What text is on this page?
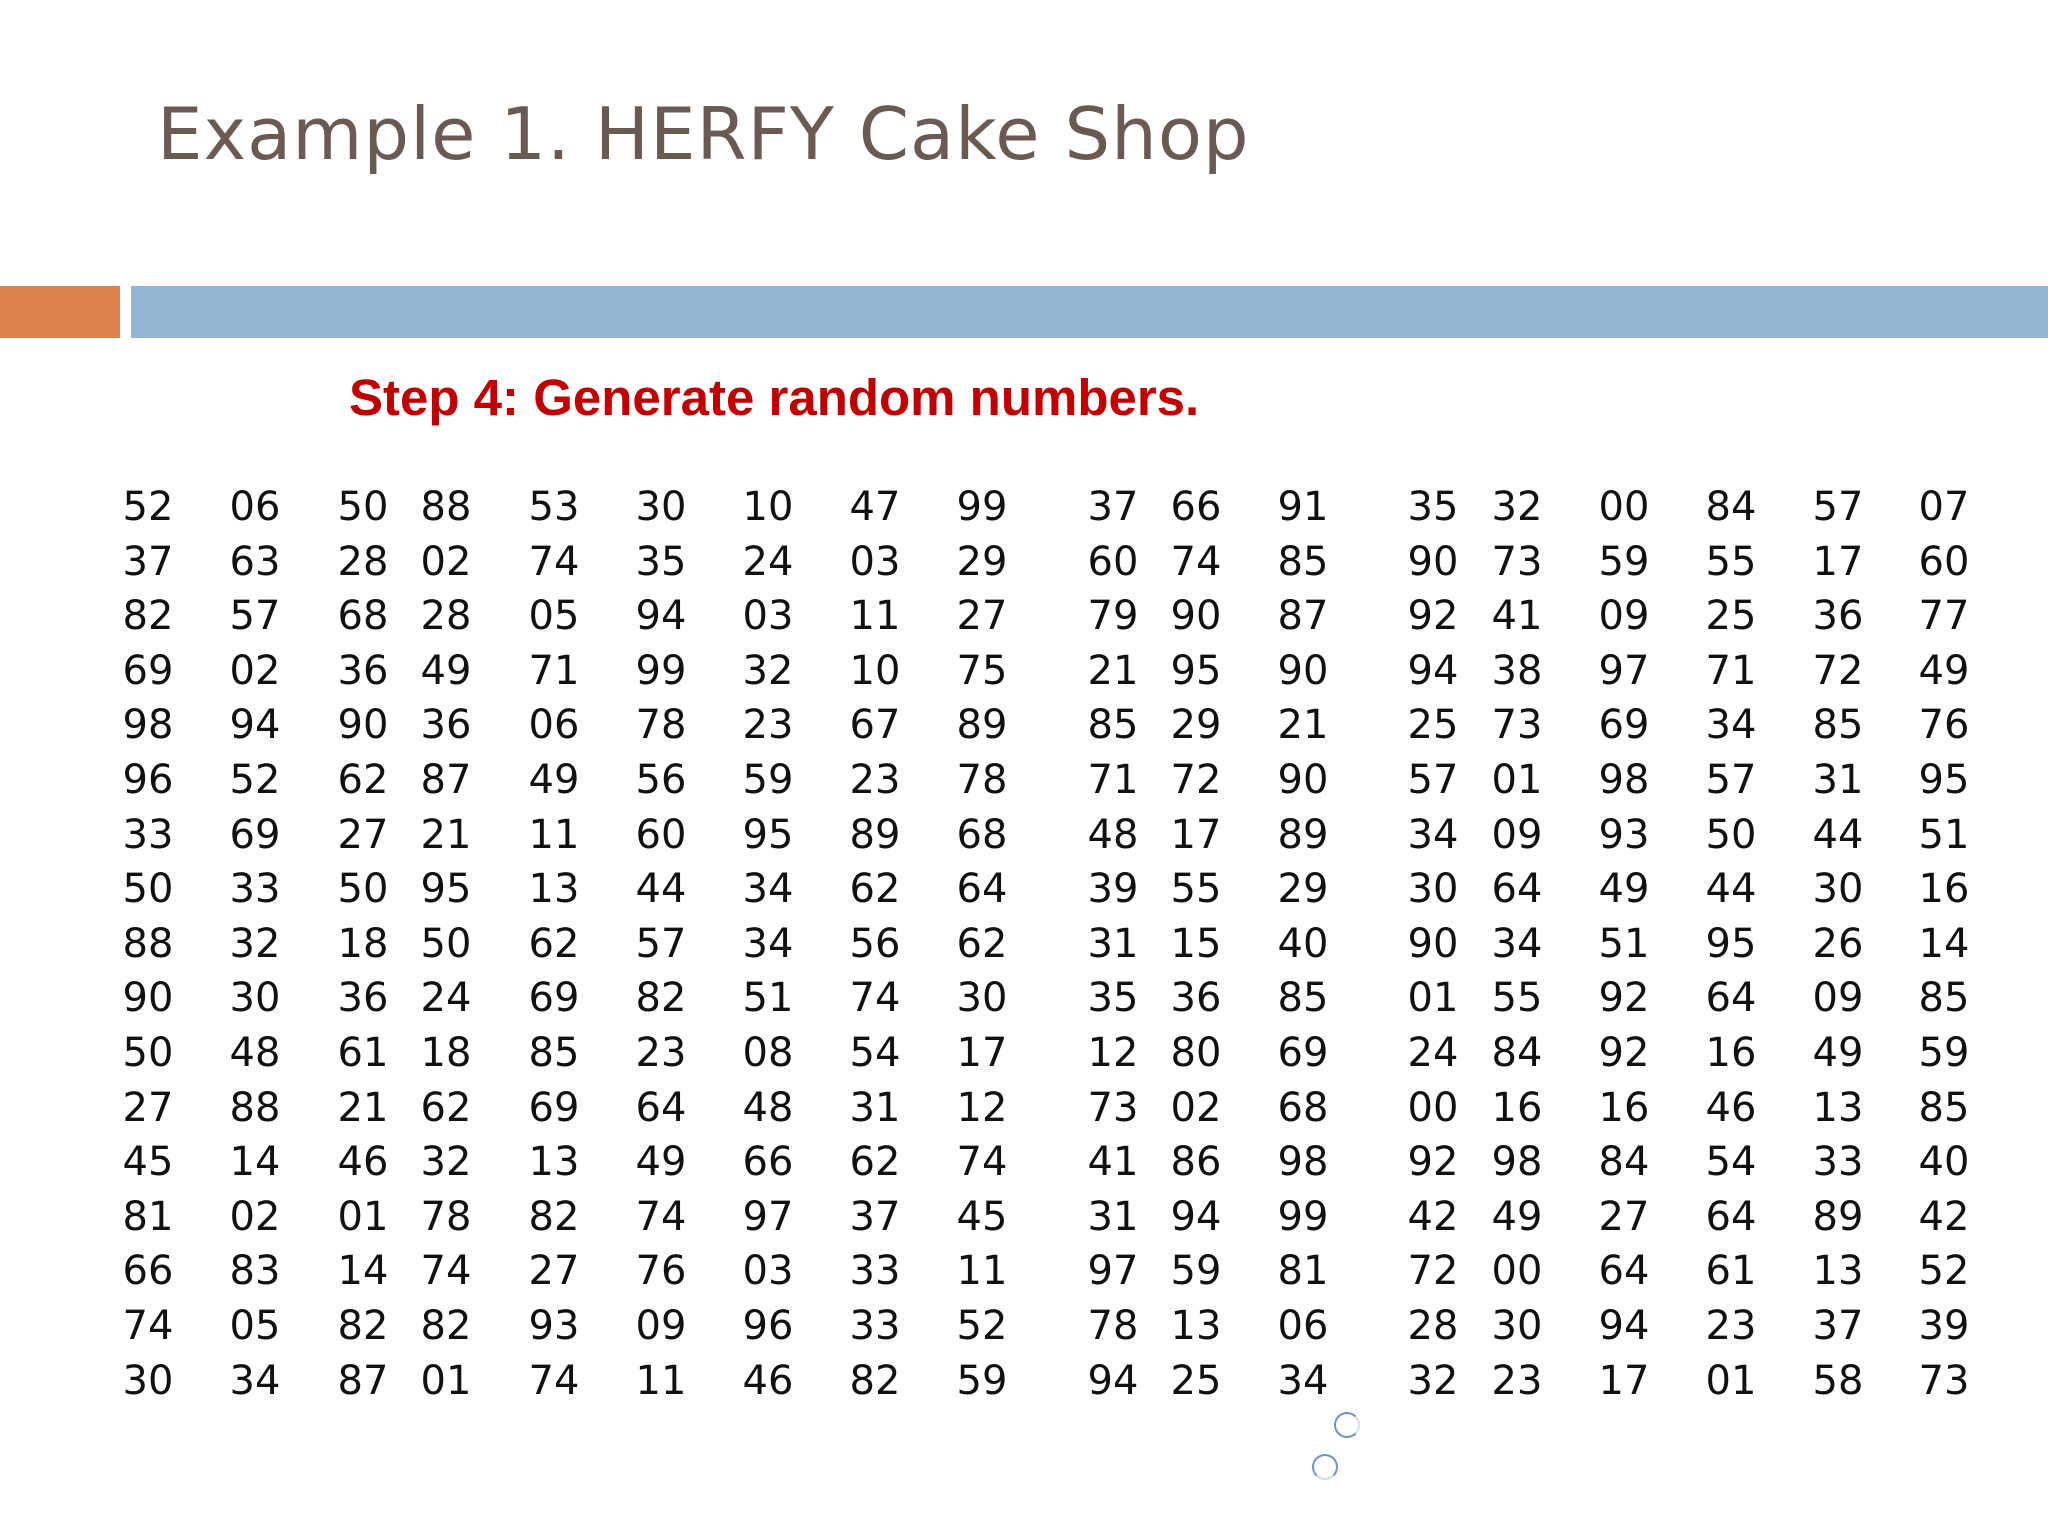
Example 1. HERFY Cake Shop
Step 4: Generate random numbers.
52	06	50 88	53	30	10	47	99	37 66	91	35 32	00	84	57	07
37	63	28 02	74	35	24	03	29	60 74	85	90 73	59	55	17	60
82	57	68 28	05	94	03	11	27	79 90	87	92 41	09	25	36	77
69	02	36 49	71	99	32	10	75	21 95	90	94 38	97	71	72	49
98	94	90 36	06	78	23	67	89	85 29	21	25 73	69	34	85	76
96	52	62 87	49	56	59	23	78	71 72	90	57 01	98	57	31	95
33	69	27 21	11	60	95	89	68	48 17	89	34 09	93	50	44	51
50	33	50 95	13	44	34	62	64	39 55	29	30 64	49	44	30	16
88	32	18 50	62	57	34	56	62	31 15	40	90 34	51	95	26	14
90	30	36 24	69	82	51	74	30	35 36	85	01 55	92	64	09	85
50	48	61 18	85	23	08	54	17	12 80	69	24 84	92	16	49	59
27	88	21 62	69	64	48	31	12	73 02	68	00 16	16	46	13	85
45	14	46 32	13	49	66	62	74	41 86	98	92 98	84	54	33	40
81	02	01 78	82	74	97	37	45	31 94	99	42 49	27	64	89	42
66	83	14 74	27	76	03	33	11	97 59	81	72 00	64	61	13	52
74	05	82 82	93	09	96	33	52	78 13	06	28 30	94	23	37	39
30	34	87 01	74	11	46	82	59	94 25	34	32 23	17	01	58	73
